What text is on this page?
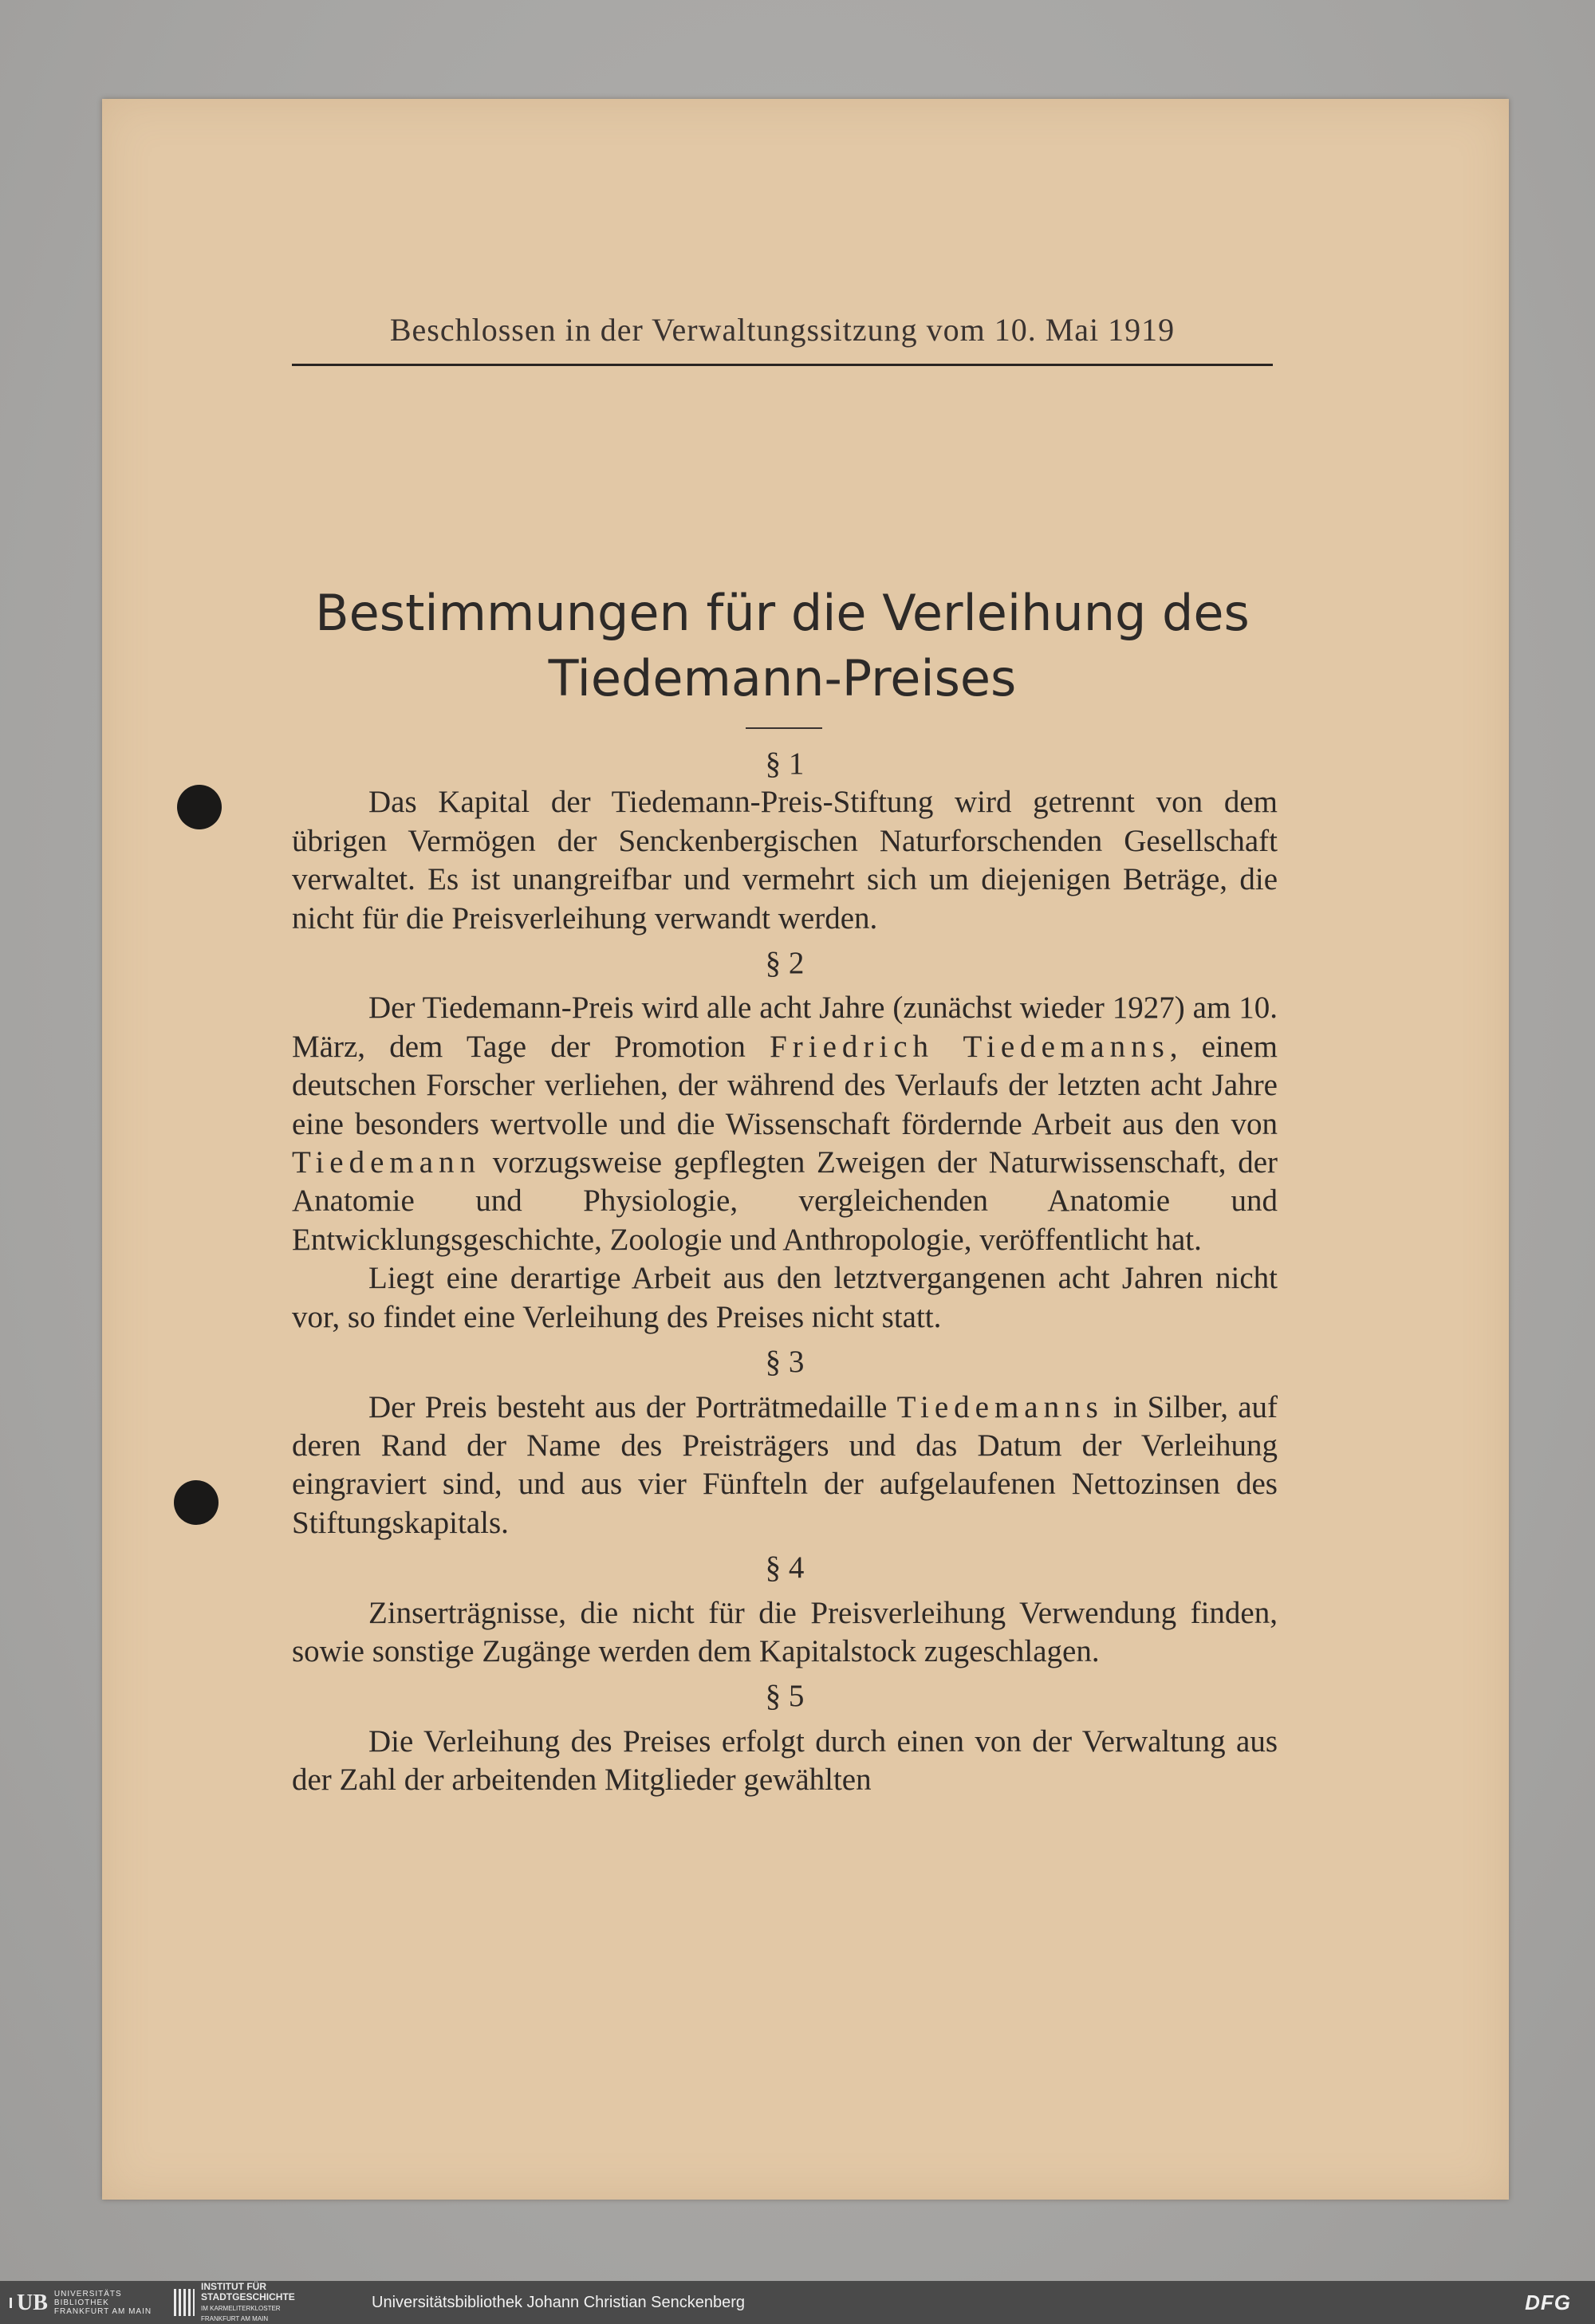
Beschlossen in der Verwaltungssitzung vom 10. Mai 1919
Bestimmungen für die Verleihung des
Tiedemann-Preises
§ 1

Das Kapital der Tiedemann-Preis-Stiftung wird getrennt von dem übrigen Vermögen der Senckenbergischen Naturforschenden Gesellschaft verwaltet. Es ist unangreifbar und vermehrt sich um diejenigen Beträge, die nicht für die Preisverleihung verwandt werden.

§ 2

Der Tiedemann-Preis wird alle acht Jahre (zunächst wieder 1927) am 10. März, dem Tage der Promotion Friedrich Tiedemanns, einem deutschen Forscher verliehen, der während des Verlaufs der letzten acht Jahre eine besonders wertvolle und die Wissenschaft fördernde Arbeit aus den von Tiedemann vorzugsweise gepflegten Zweigen der Naturwissenschaft, der Anatomie und Physiologie, vergleichenden Anatomie und Entwicklungsgeschichte, Zoologie und Anthropologie, veröffentlicht hat.

Liegt eine derartige Arbeit aus den letztvergangenen acht Jahren nicht vor, so findet eine Verleihung des Preises nicht statt.

§ 3

Der Preis besteht aus der Porträtmedaille Tiedemanns in Silber, auf deren Rand der Name des Preisträgers und das Datum der Verleihung eingraviert sind, und aus vier Fünfteln der aufgelaufenen Nettozinsen des Stiftungskapitals.

§ 4

Zinserträgnisse, die nicht für die Preisverleihung Verwendung finden, sowie sonstige Zugänge werden dem Kapitalstock zugeschlagen.

§ 5

Die Verleihung des Preises erfolgt durch einen von der Verwaltung aus der Zahl der arbeitenden Mitglieder gewählten

UB UNIVERSITÄTS
BIBLIOTHEK
FRANKFURT AM MAIN
INSTITUT FÜR
STADTGESCHICHTE
IM KARMELITERKLOSTER
FRANKFURT AM MAIN
Universitätsbibliothek Johann Christian Senckenberg	DFG
